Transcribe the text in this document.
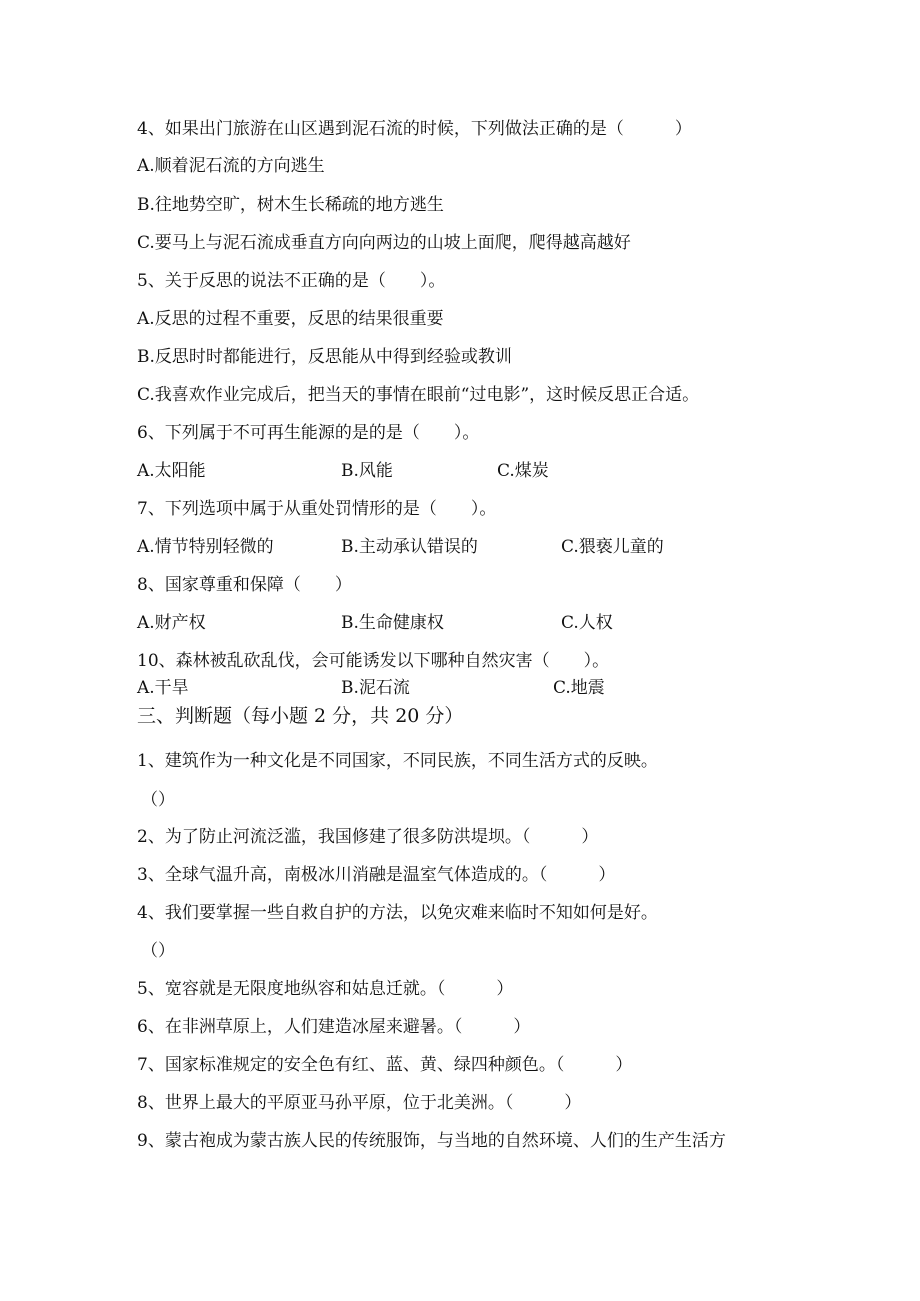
4、如果出门旅游在山区遇到泥石流的时候，下列做法正确的是（　　　）
A.顺着泥石流的方向逃生
B.往地势空旷，树木生长稀疏的地方逃生
C.要马上与泥石流成垂直方向向两边的山坡上面爬，爬得越高越好
5、关于反思的说法不正确的是（　　）。
A.反思的过程不重要，反思的结果很重要
B.反思时时都能进行，反思能从中得到经验或教训
C.我喜欢作业完成后，把当天的事情在眼前“过电影”，这时候反思正合适。
6、下列属于不可再生能源的是的是（　　）。
A.太阳能	B.风能	C.煤炭
7、下列选项中属于从重处罚情形的是（　　）。
A.情节特别轻微的	B.主动承认错误的	C.猥亵儿童的
8、国家尊重和保障（　　）
A.财产权	B.生命健康权	C.人权
10、森林被乱砍乱伐，会可能诱发以下哪种自然灾害（　　）。
A.干旱	B.泥石流	C.地震
三、判断题（每小题 2 分，共 20 分）
1、建筑作为一种文化是不同国家，不同民族，不同生活方式的反映。
（）
2、为了防止河流泛滥，我国修建了很多防洪堤坝。（　　　）
3、全球气温升高，南极冰川消融是温室气体造成的。（　　　）
4、我们要掌握一些自救自护的方法，以免灾难来临时不知如何是好。
（）
5、宽容就是无限度地纵容和姑息迁就。（　　　）
6、在非洲草原上，人们建造冰屋来避暑。（　　　）
7、国家标准规定的安全色有红、蓝、黄、绿四种颜色。（　　　）
8、世界上最大的平原亚马孙平原，位于北美洲。（　　　）
9、蒙古袍成为蒙古族人民的传统服饰，与当地的自然环境、人们的生产生活方
